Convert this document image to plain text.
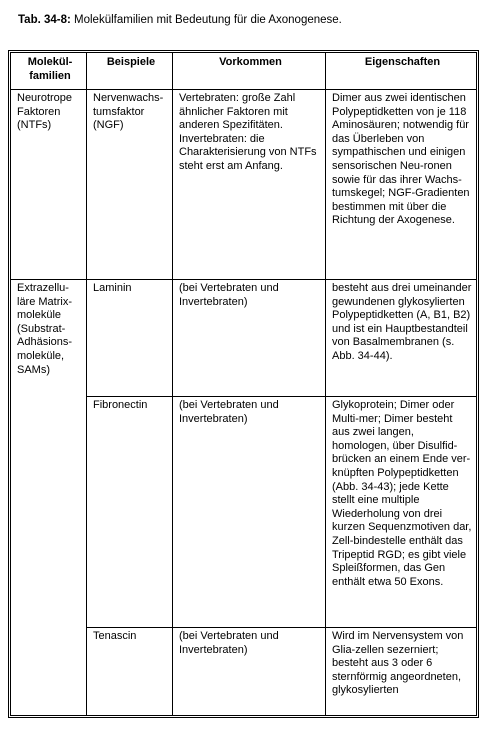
Tab. 34-8: Molekülfamilien mit Bedeutung für die Axonogenese.
Molekül-familien	Beispiele	Vorkommen	Eigenschaften
Neurotrope Faktoren (NTFs)	Nervenwachs-tumsfaktor (NGF)	Vertebraten: große Zahl ähnlicher Faktoren mit anderen Spezifitäten. Invertebraten: die Charakterisierung von NTFs steht erst am Anfang.	Dimer aus zwei identischen Polypeptidketten von je 118 Aminosäuren; notwendig für das Überleben von sympathischen und einigen sensorischen Neu-ronen sowie für das ihrer Wachs-tumskegel; NGF-Gradienten bestimmen mit über die Richtung der Axogenese.
Extrazellu-läre Matrix-moleküle (Substrat-Adhäsions-moleküle, SAMs)	Laminin	(bei Vertebraten und Invertebraten)	besteht aus drei umeinander gewundenen glykosylierten Polypeptidketten (A, B1, B2) und ist ein Hauptbestandteil von Basalmembranen (s. Abb. 34-44).
	Fibronectin	(bei Vertebraten und Invertebraten)	Glykoprotein; Dimer oder Multi-mer; Dimer besteht aus zwei langen, homologen, über Disulfid-brücken an einem Ende ver-knüpften Polypeptidketten (Abb. 34-43); jede Kette stellt eine multiple Wiederholung von drei kurzen Sequenzmotiven dar, Zell-bindestelle enthält das Tripeptid RGD; es gibt viele Spleißformen, das Gen enthält etwa 50 Exons.
	Tenascin	(bei Vertebraten und Invertebraten)	Wird im Nervensystem von Glia-zellen sezerniert; besteht aus 3 oder 6 sternförmig angeordneten, glykosylierten
